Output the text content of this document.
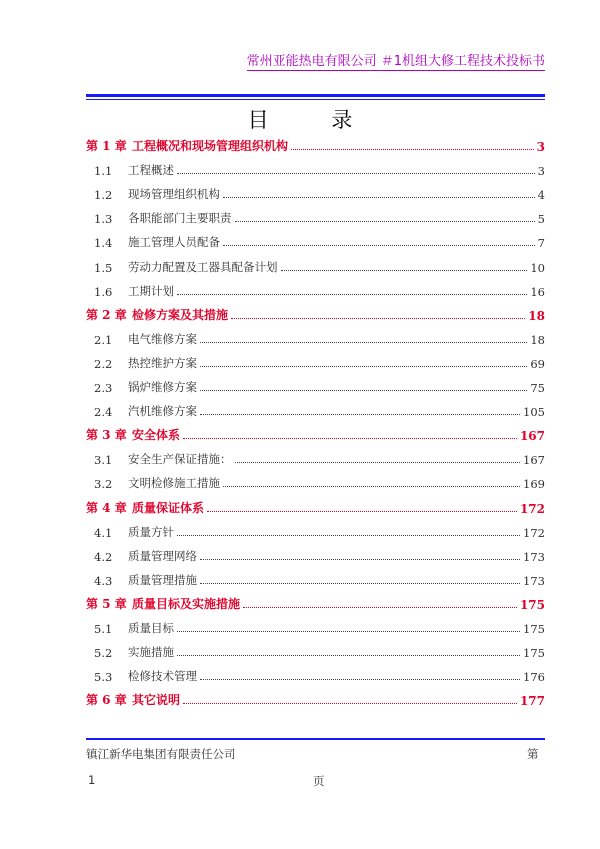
常州亚能热电有限公司 ＃1机组大修工程技术投标书
目 录
第 1 章 工程概况和现场管理组织机构	3
1.1	工程概述	3
1.2	现场管理组织机构	4
1.3	各职能部门主要职责	5
1.4	施工管理人员配备	7
1.5	劳动力配置及工器具配备计划	10
1.6	工期计划	16
第 2 章 检修方案及其措施	18
2.1	电气维修方案	18
2.2	热控维护方案	69
2.3	锅炉维修方案	75
2.4	汽机维修方案	105
第 3 章 安全体系	167
3.1	安全生产保证措施：	167
3.2	文明检修施工措施	169
第 4 章 质量保证体系	172
4.1	质量方针	172
4.2	质量管理网络	173
4.3	质量管理措施	173
第 5 章 质量目标及实施措施	175
5.1	质量目标	175
5.2	实施措施	175
5.3	检修技术管理	176
第 6 章 其它说明	177
镇江新华电集团有限责任公司	第
1	页
